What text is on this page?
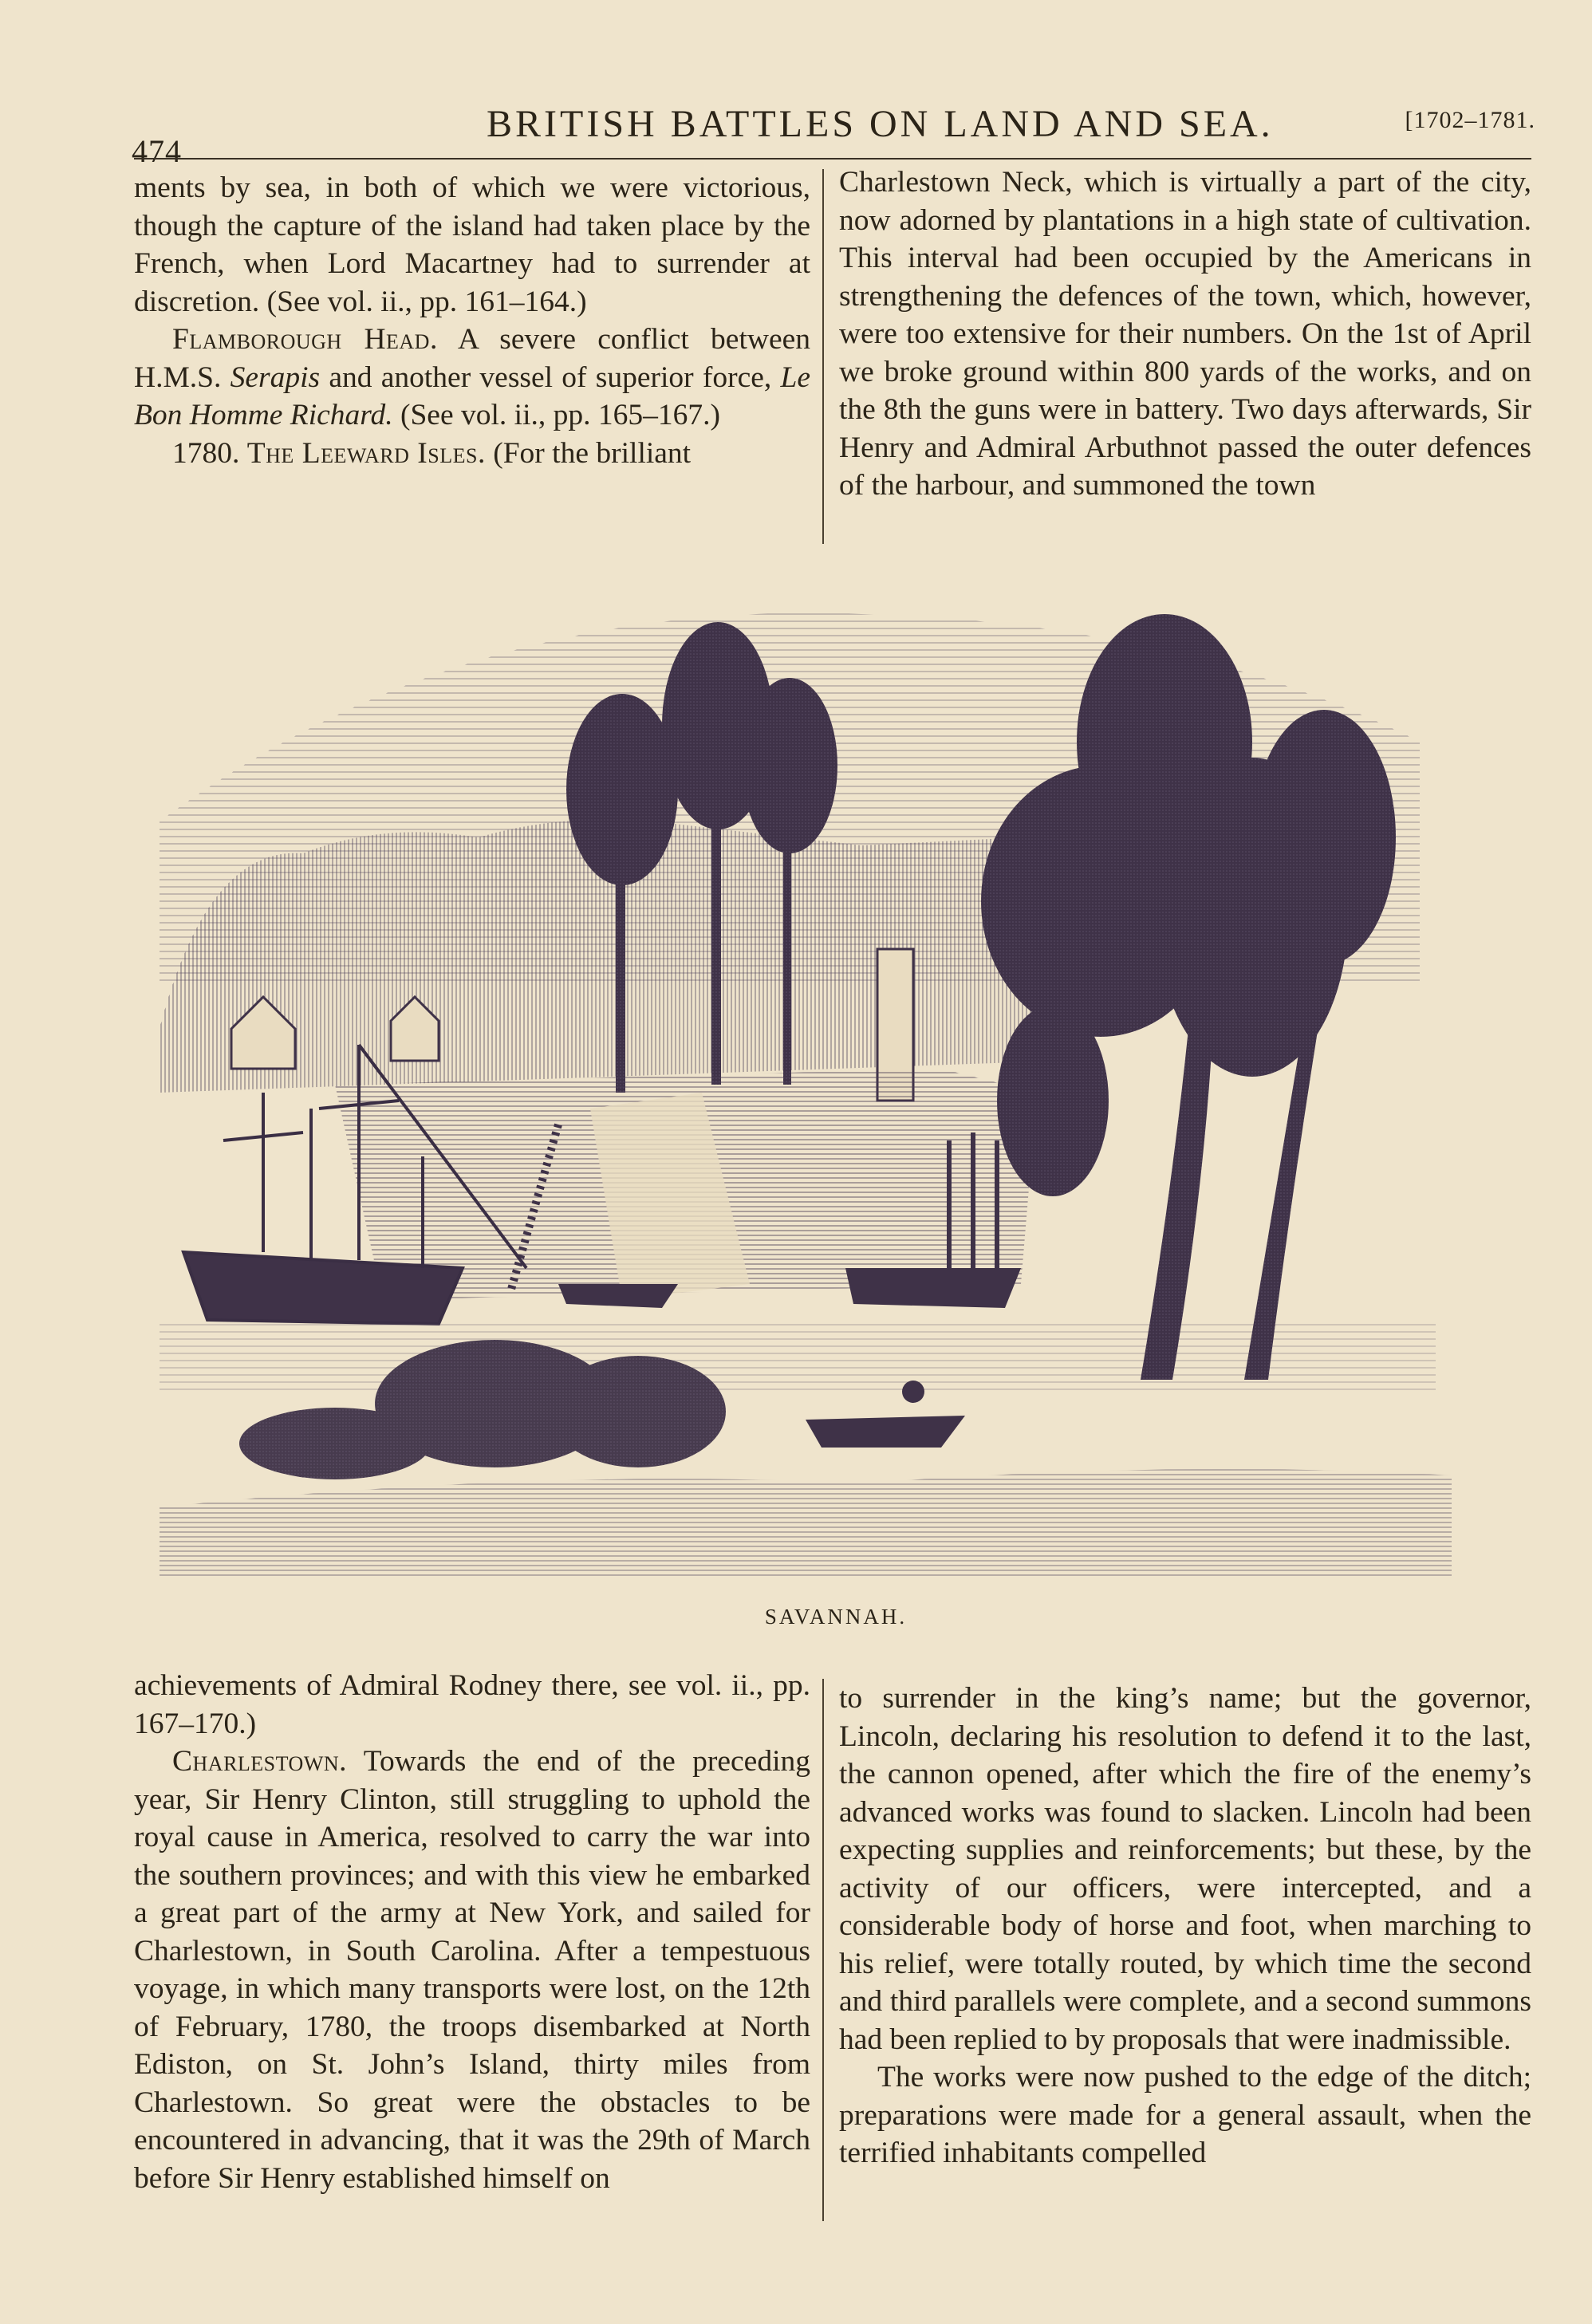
474
BRITISH BATTLES ON LAND AND SEA.	[1702–1781.

ments by sea, in both of which we were victorious, though the capture of the island had taken place by the French, when Lord Macartney had to surrender at discretion. (See vol. ii., pp. 161–164.)

Flamborough Head. A severe conflict between H.M.S. Serapis and another vessel of superior force, Le Bon Homme Richard. (See vol. ii., pp. 165–167.)

1780. The Leeward Isles. (For the brilliant

Charlestown Neck, which is virtually a part of the city, now adorned by plantations in a high state of cultivation. This interval had been occupied by the Americans in strengthening the defences of the town, which, however, were too extensive for their numbers. On the 1st of April we broke ground within 800 yards of the works, and on the 8th the guns were in battery. Two days afterwards, Sir Henry and Admiral Arbuthnot passed the outer defences of the harbour, and summoned the town

SAVANNAH.

achievements of Admiral Rodney there, see vol. ii., pp. 167–170.)

Charlestown. Towards the end of the preceding year, Sir Henry Clinton, still struggling to uphold the royal cause in America, resolved to carry the war into the southern provinces; and with this view he embarked a great part of the army at New York, and sailed for Charlestown, in South Carolina. After a tempestuous voyage, in which many transports were lost, on the 12th of February, 1780, the troops disembarked at North Ediston, on St. John’s Island, thirty miles from Charlestown. So great were the obstacles to be encountered in advancing, that it was the 29th of March before Sir Henry established himself on

to surrender in the king’s name; but the governor, Lincoln, declaring his resolution to defend it to the last, the cannon opened, after which the fire of the enemy’s advanced works was found to slacken. Lincoln had been expecting supplies and reinforcements; but these, by the activity of our officers, were intercepted, and a considerable body of horse and foot, when marching to his relief, were totally routed, by which time the second and third parallels were complete, and a second summons had been replied to by proposals that were inadmissible.

The works were now pushed to the edge of the ditch; preparations were made for a general assault, when the terrified inhabitants compelled
